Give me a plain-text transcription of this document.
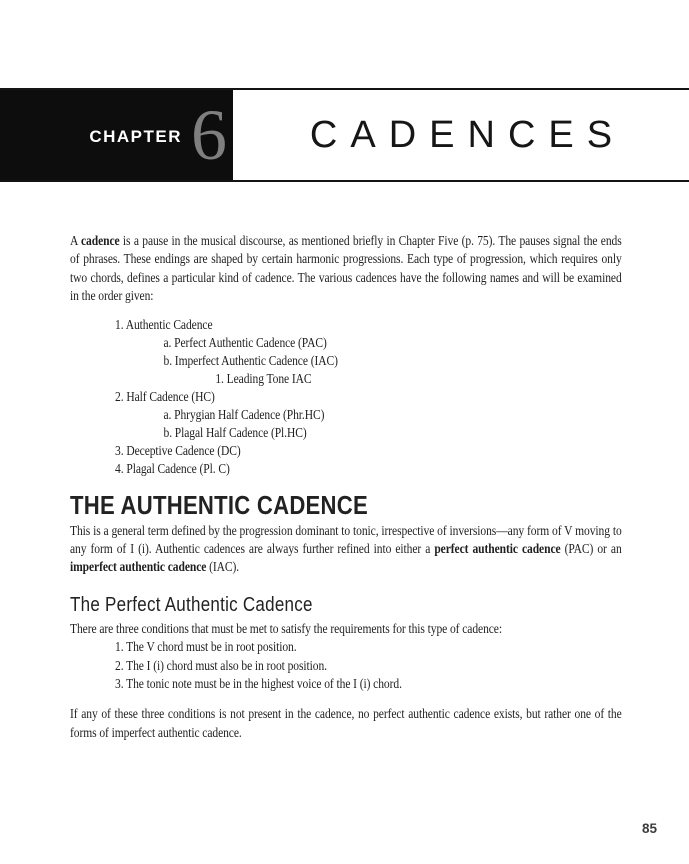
CHAPTER 6 CADENCES

A cadence is a pause in the musical discourse, as mentioned briefly in Chapter Five (p. 75). The pauses signal the ends of phrases. These endings are shaped by certain harmonic progressions. Each type of progression, which requires only two chords, defines a particular kind of cadence. The various cadences have the following names and will be examined in the order given:

1. Authentic Cadence
a. Perfect Authentic Cadence (PAC)
b. Imperfect Authentic Cadence (IAC)
1. Leading Tone IAC
2. Half Cadence (HC)
a. Phrygian Half Cadence (Phr.HC)
b. Plagal Half Cadence (Pl.HC)
3. Deceptive Cadence (DC)
4. Plagal Cadence (Pl. C)
THE AUTHENTIC CADENCE

This is a general term defined by the progression dominant to tonic, irrespective of inversions—any form of V moving to any form of I (i). Authentic cadences are always further refined into either a perfect authentic cadence (PAC) or an imperfect authentic cadence (IAC).

The Perfect Authentic Cadence

There are three conditions that must be met to satisfy the requirements for this type of cadence:

1. The V chord must be in root position.
2. The I (i) chord must also be in root position.
3. The tonic note must be in the highest voice of the I (i) chord.

If any of these three conditions is not present in the cadence, no perfect authentic cadence exists, but rather one of the forms of imperfect authentic cadence.

85
